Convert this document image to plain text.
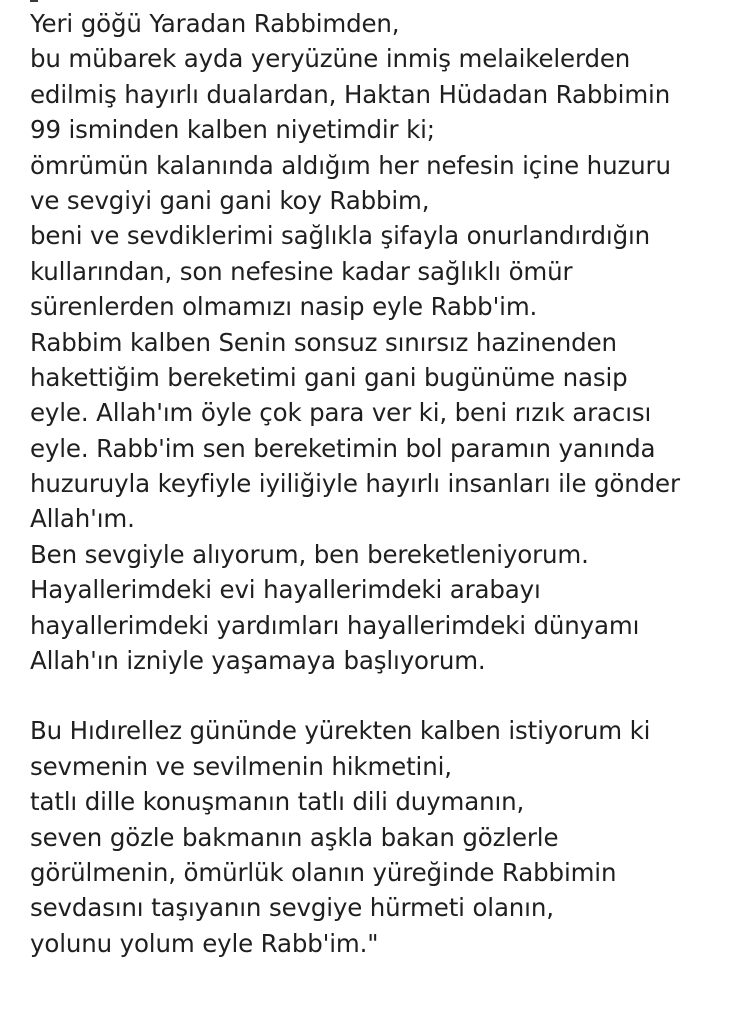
Yeri göğü Yaradan Rabbimden,
bu mübarek ayda yeryüzüne inmiş melaikelerden
edilmiş hayırlı dualardan, Haktan Hüdadan Rabbimin
99 isminden kalben niyetimdir ki;
ömrümün kalanında aldığım her nefesin içine huzuru
ve sevgiyi gani gani koy Rabbim,
beni ve sevdiklerimi sağlıkla şifayla onurlandırdığın
kullarından, son nefesine kadar sağlıklı ömür
sürenlerden olmamızı nasip eyle Rabb'im.
Rabbim kalben Senin sonsuz sınırsız hazinenden
hakettiğim bereketimi gani gani bugünüme nasip
eyle. Allah'ım öyle çok para ver ki, beni rızık aracısı
eyle. Rabb'im sen bereketimin bol paramın yanında
huzuruyla keyfiyle iyiliğiyle hayırlı insanları ile gönder
Allah'ım.
Ben sevgiyle alıyorum, ben bereketleniyorum.
Hayallerimdeki evi hayallerimdeki arabayı
hayallerimdeki yardımları hayallerimdeki dünyamı
Allah'ın izniyle yaşamaya başlıyorum.
Bu Hıdırellez gününde yürekten kalben istiyorum ki
sevmenin ve sevilmenin hikmetini,
tatlı dille konuşmanın tatlı dili duymanın,
seven gözle bakmanın aşkla bakan gözlerle
görülmenin, ömürlük olanın yüreğinde Rabbimin
sevdasını taşıyanın sevgiye hürmeti olanın,
yolunu yolum eyle Rabb'im."
